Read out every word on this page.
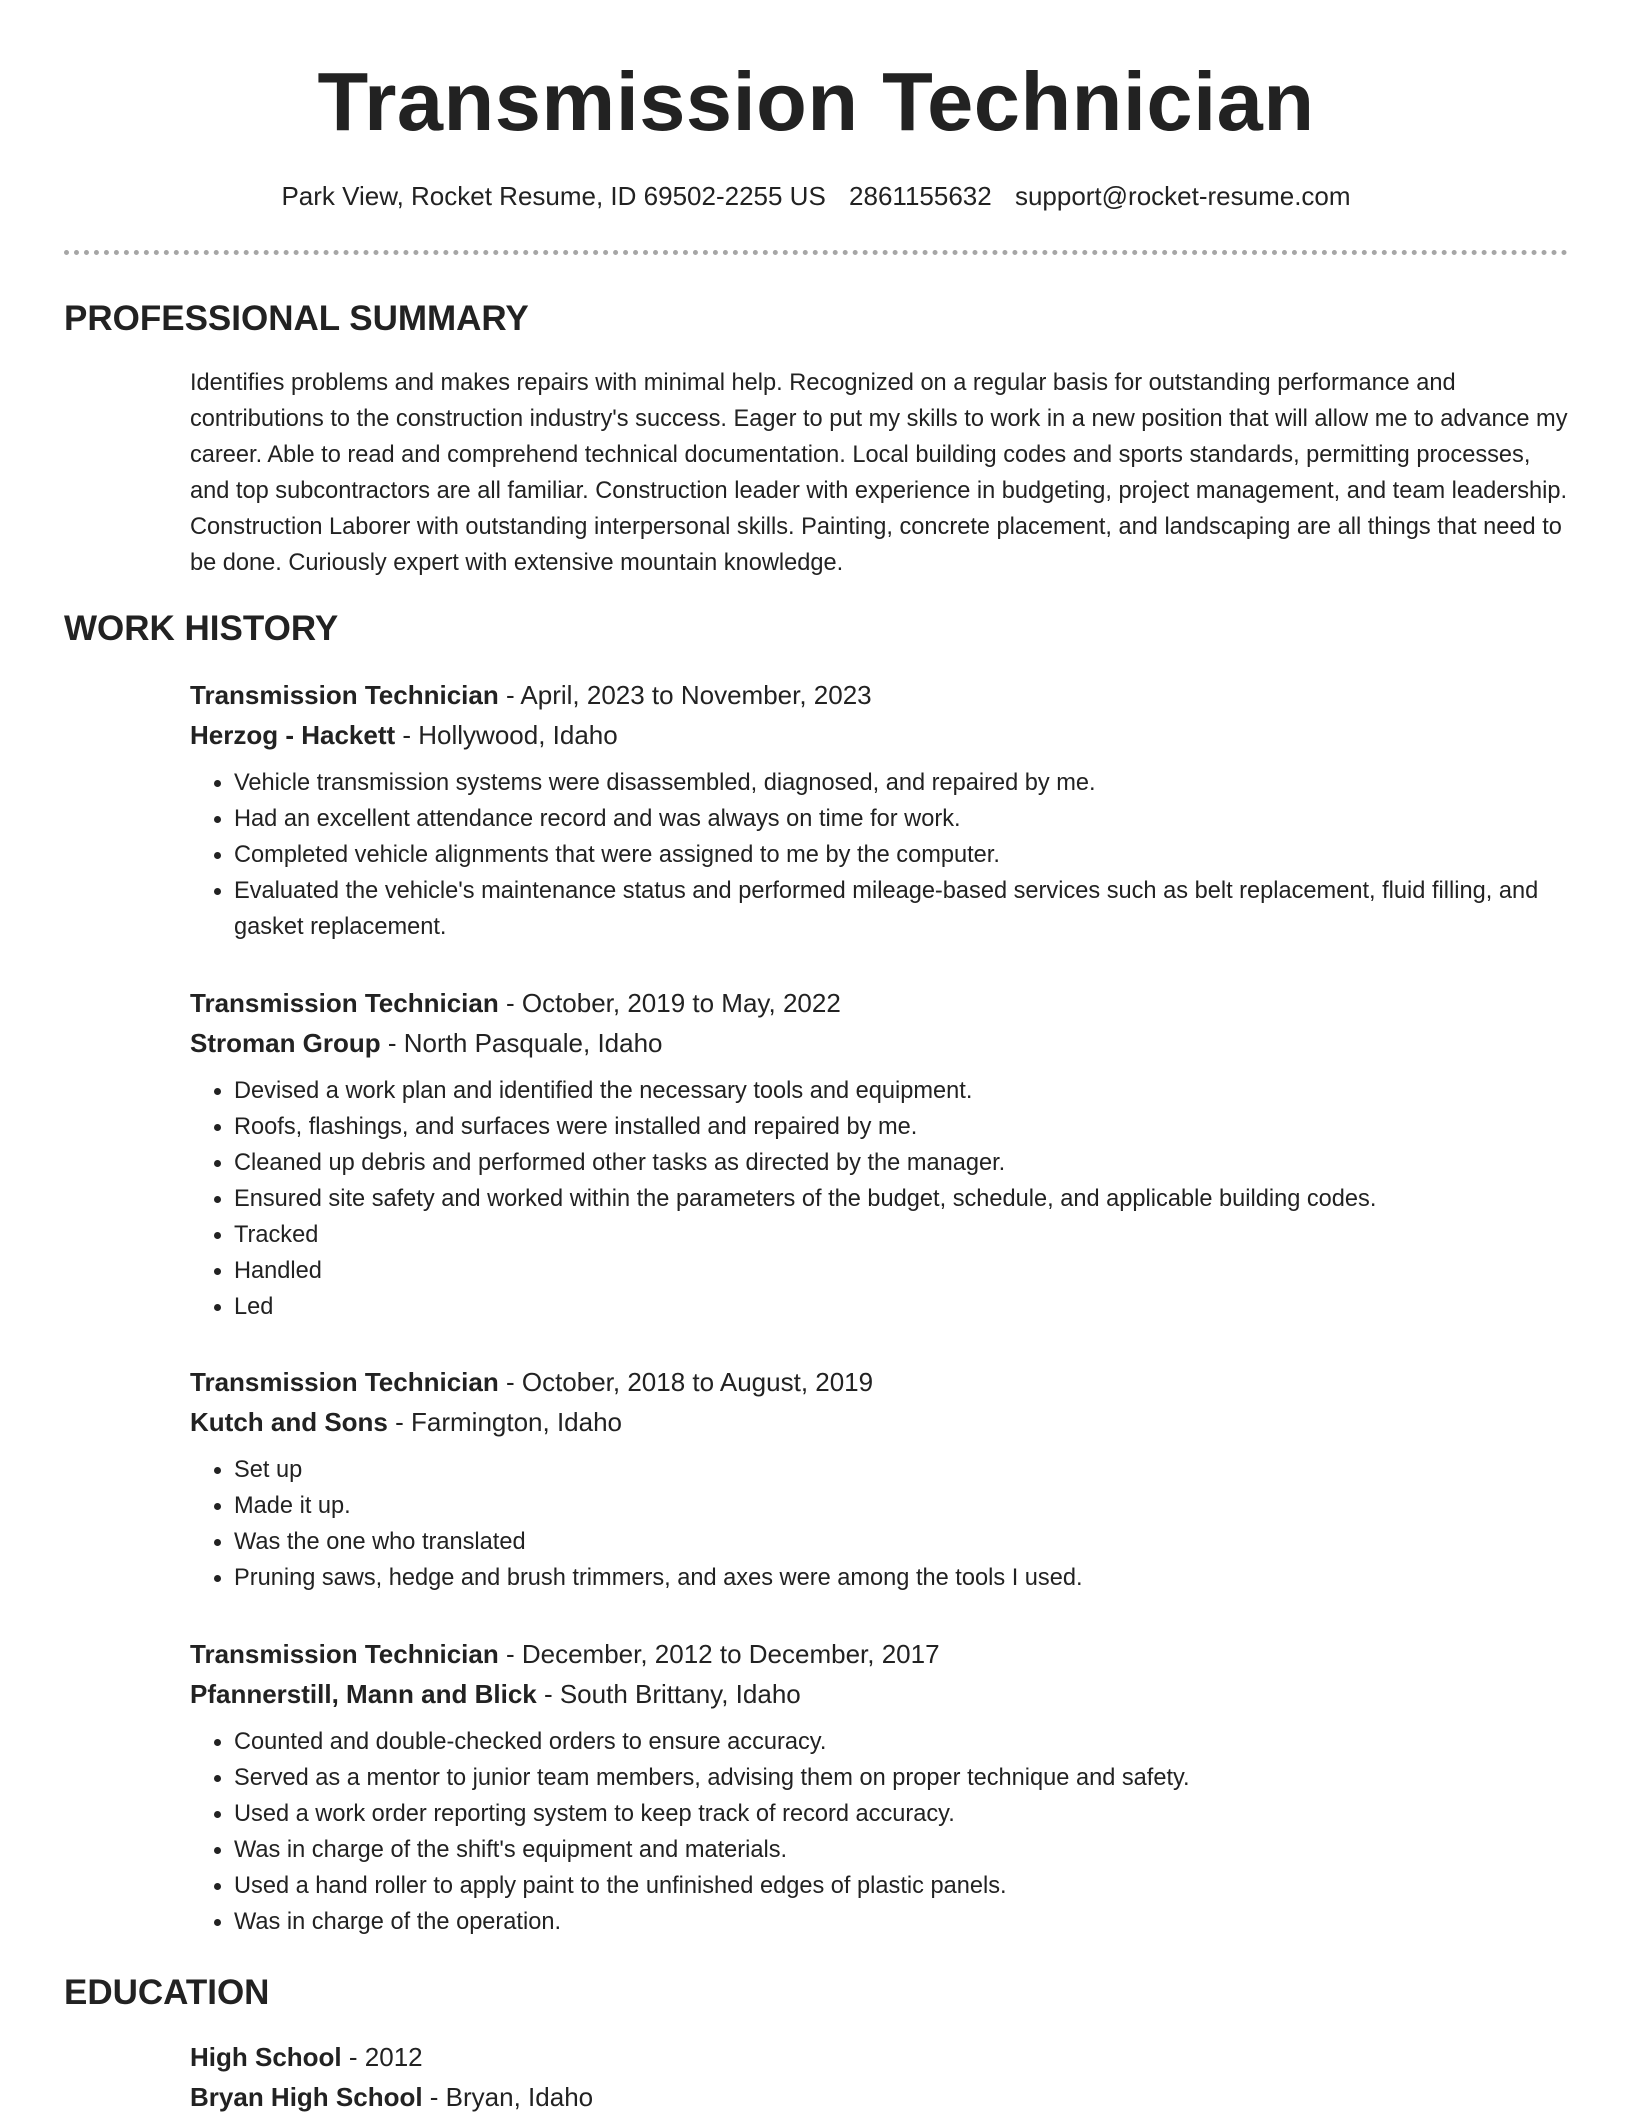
Transmission Technician
Park View, Rocket Resume, ID 69502-2255 US 2861155632 support@rocket-resume.com
PROFESSIONAL SUMMARY

Identifies problems and makes repairs with minimal help. Recognized on a regular basis for outstanding performance and contributions to the construction industry's success. Eager to put my skills to work in a new position that will allow me to advance my career. Able to read and comprehend technical documentation. Local building codes and sports standards, permitting processes, and top subcontractors are all familiar. Construction leader with experience in budgeting, project management, and team leadership. Construction Laborer with outstanding interpersonal skills. Painting, concrete placement, and landscaping are all things that need to be done. Curiously expert with extensive mountain knowledge.

WORK HISTORY

Transmission Technician - April, 2023 to November, 2023

Herzog - Hackett - Hollywood, Idaho

• Vehicle transmission systems were disassembled, diagnosed, and repaired by me.
• Had an excellent attendance record and was always on time for work.
• Completed vehicle alignments that were assigned to me by the computer.
• Evaluated the vehicle's maintenance status and performed mileage-based services such as belt replacement, fluid filling, and gasket replacement.

Transmission Technician - October, 2019 to May, 2022

Stroman Group - North Pasquale, Idaho

• Devised a work plan and identified the necessary tools and equipment.
• Roofs, flashings, and surfaces were installed and repaired by me.
• Cleaned up debris and performed other tasks as directed by the manager.
• Ensured site safety and worked within the parameters of the budget, schedule, and applicable building codes.
• Tracked
• Handled
• Led

Transmission Technician - October, 2018 to August, 2019

Kutch and Sons - Farmington, Idaho

• Set up
• Made it up.
• Was the one who translated
• Pruning saws, hedge and brush trimmers, and axes were among the tools I used.

Transmission Technician - December, 2012 to December, 2017

Pfannerstill, Mann and Blick - South Brittany, Idaho

• Counted and double-checked orders to ensure accuracy.
• Served as a mentor to junior team members, advising them on proper technique and safety.
• Used a work order reporting system to keep track of record accuracy.
• Was in charge of the shift's equipment and materials.
• Used a hand roller to apply paint to the unfinished edges of plastic panels.
• Was in charge of the operation.
EDUCATION

High School - 2012

Bryan High School - Bryan, Idaho
